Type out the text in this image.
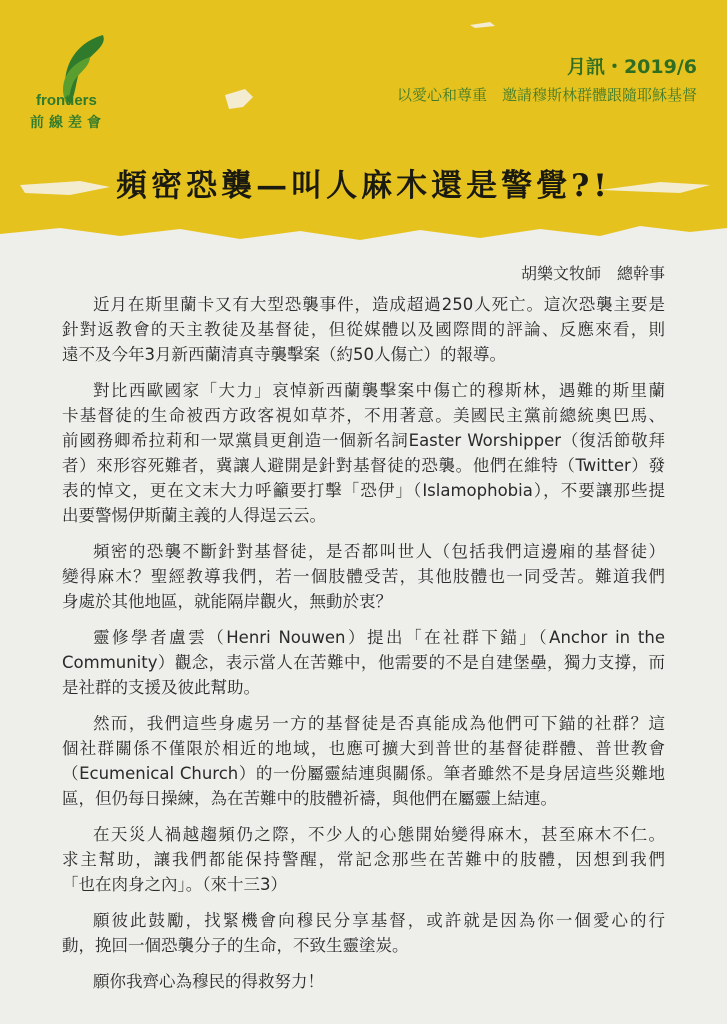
frontiers
前線差會
月訊・2019/6
以愛心和尊重　邀請穆斯林群體跟隨耶穌基督
頻密恐襲—叫人麻木還是警覺?!
胡樂文牧師　總幹事
近月在斯里蘭卡又有大型恐襲事件，造成超過250人死亡。這次恐襲主要是
針對返教會的天主教徒及基督徒，但從媒體以及國際間的評論、反應來看，則
遠不及今年3月新西蘭清真寺襲擊案（約50人傷亡）的報導。
對比西歐國家「大力」哀悼新西蘭襲擊案中傷亡的穆斯林，遇難的斯里蘭
卡基督徒的生命被西方政客視如草芥，不用著意。美國民主黨前總統奧巴馬、
前國務卿希拉莉和一眾黨員更創造一個新名詞Easter Worshipper（復活節敬拜
者）來形容死難者，冀讓人避開是針對基督徒的恐襲。他們在維特（Twitter）發
表的悼文，更在文末大力呼籲要打擊「恐伊」（Islamophobia），不要讓那些提
出要警惕伊斯蘭主義的人得逞云云。
頻密的恐襲不斷針對基督徒，是否都叫世人（包括我們這邊廂的基督徒）
變得麻木？聖經教導我們，若一個肢體受苦，其他肢體也一同受苦。難道我們
身處於其他地區，就能隔岸觀火，無動於衷？
靈修學者盧雲（Henri Nouwen）提出「在社群下錨」（Anchor in the
Community）觀念，表示當人在苦難中，他需要的不是自建堡壘，獨力支撐，而
是社群的支援及彼此幫助。
然而，我們這些身處另一方的基督徒是否真能成為他們可下錨的社群？這
個社群關係不僅限於相近的地域，也應可擴大到普世的基督徒群體、普世教會
（Ecumenical Church）的一份屬靈結連與關係。筆者雖然不是身居這些災難地
區，但仍每日操練，為在苦難中的肢體祈禱，與他們在屬靈上結連。
在天災人禍越趨頻仍之際，不少人的心態開始變得麻木，甚至麻木不仁。
求主幫助，讓我們都能保持警醒，常記念那些在苦難中的肢體，因想到我們
「也在肉身之內」。（來十三3）
願彼此鼓勵，找緊機會向穆民分享基督，或許就是因為你一個愛心的行
動，挽回一個恐襲分子的生命，不致生靈塗炭。
願你我齊心為穆民的得救努力！
